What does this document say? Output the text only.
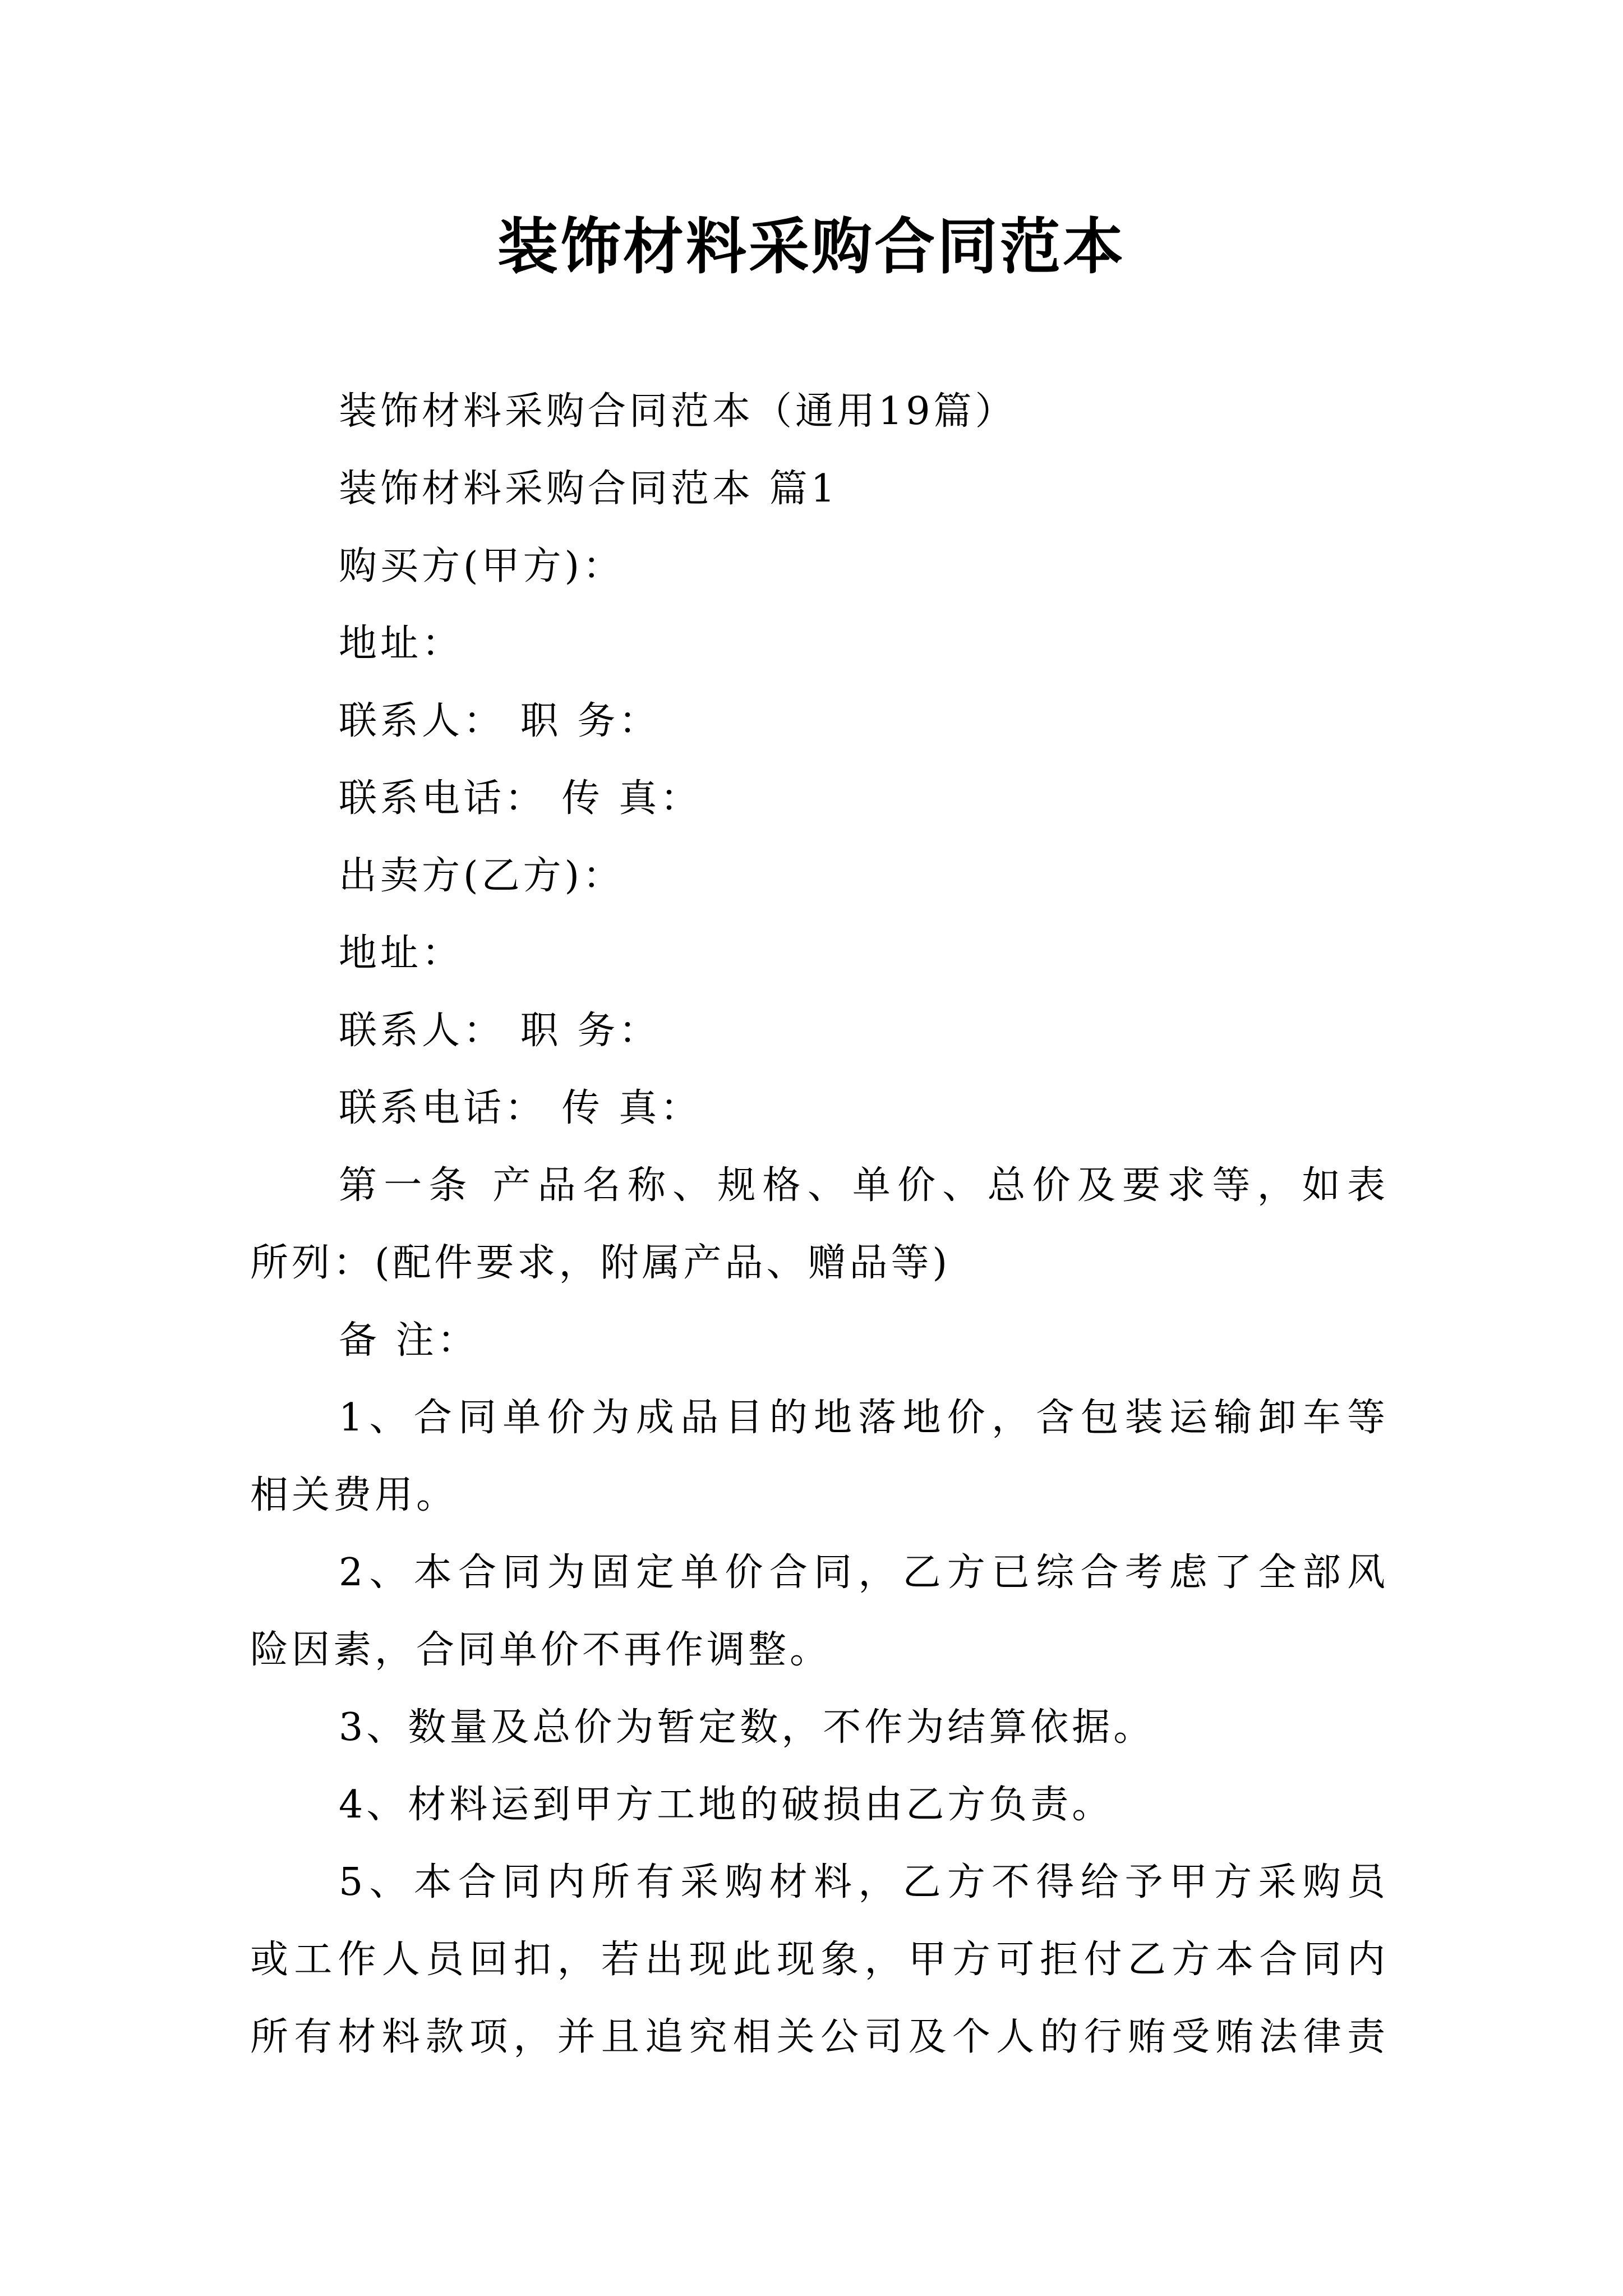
装饰材料采购合同范本
装饰材料采购合同范本（通用19篇）
装饰材料采购合同范本 篇1
购买方(甲方)：
地址：
联系人： 职 务：
联系电话： 传 真：
出卖方(乙方)：
地址：
联系人： 职 务：
联系电话： 传 真：
第一条 产品名称、规格、单价、总价及要求等，如表
所列：(配件要求，附属产品、赠品等)
备 注：
1、合同单价为成品目的地落地价，含包装运输卸车等
相关费用。
2、本合同为固定单价合同，乙方已综合考虑了全部风
险因素，合同单价不再作调整。
3、数量及总价为暂定数，不作为结算依据。
4、材料运到甲方工地的破损由乙方负责。
5、本合同内所有采购材料，乙方不得给予甲方采购员
或工作人员回扣，若出现此现象，甲方可拒付乙方本合同内
所有材料款项，并且追究相关公司及个人的行贿受贿法律责
